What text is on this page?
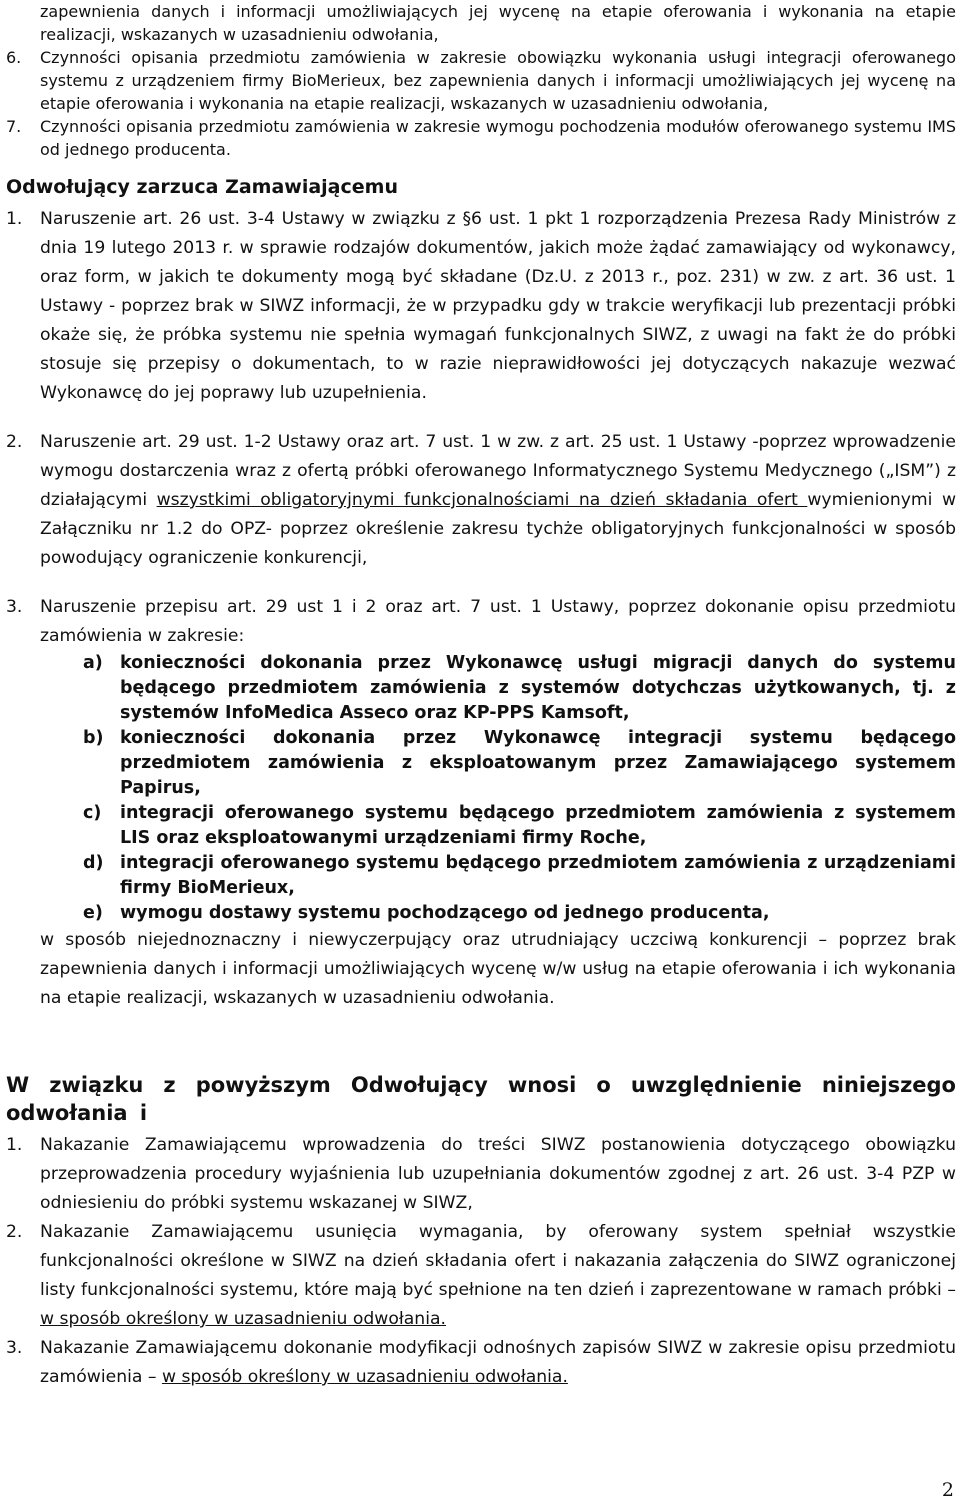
zapewnienia danych i informacji umożliwiających jej wycenę na etapie oferowania i wykonania na etapie realizacji, wskazanych w uzasadnieniu odwołania,
6.	Czynności opisania przedmiotu zamówienia w zakresie obowiązku wykonania usługi integracji oferowanego systemu z urządzeniem firmy BioMerieux, bez zapewnienia danych i informacji umożliwiających jej wycenę na etapie oferowania i wykonania na etapie realizacji, wskazanych w uzasadnieniu odwołania,
7.	Czynności opisania przedmiotu zamówienia w zakresie wymogu pochodzenia modułów oferowanego systemu IMS od jednego producenta.
Odwołujący zarzuca Zamawiającemu
1.	Naruszenie art. 26 ust. 3-4 Ustawy w związku z §6 ust. 1 pkt 1 rozporządzenia Prezesa Rady Ministrów z dnia 19 lutego 2013 r. w sprawie rodzajów dokumentów, jakich może żądać zamawiający od wykonawcy, oraz form, w jakich te dokumenty mogą być składane (Dz.U. z 2013 r., poz. 231) w zw. z art. 36 ust. 1 Ustawy - poprzez brak w SIWZ informacji, że w przypadku gdy w trakcie weryfikacji lub prezentacji próbki okaże się, że próbka systemu nie spełnia wymagań funkcjonalnych SIWZ, z uwagi na fakt że do próbki stosuje się przepisy o dokumentach, to w razie nieprawidłowości jej dotyczących nakazuje wezwać Wykonawcę do jej poprawy lub uzupełnienia.
2.	Naruszenie art. 29 ust. 1-2 Ustawy oraz art. 7 ust. 1 w zw. z art. 25 ust. 1 Ustawy -poprzez wprowadzenie wymogu dostarczenia wraz z ofertą próbki oferowanego Informatycznego Systemu Medycznego („ISM”) z działającymi wszystkimi obligatoryjnymi funkcjonalnościami na dzień składania ofert wymienionymi w Załączniku nr 1.2 do OPZ- poprzez określenie zakresu tychże obligatoryjnych funkcjonalności w sposób powodujący ograniczenie konkurencji,
3.	Naruszenie przepisu art. 29 ust 1 i 2 oraz art. 7 ust. 1 Ustawy, poprzez dokonanie opisu przedmiotu zamówienia w zakresie:
a) konieczności dokonania przez Wykonawcę usługi migracji danych do systemu będącego przedmiotem zamówienia z systemów dotychczas użytkowanych, tj. z systemów InfoMedica Asseco oraz KP-PPS Kamsoft,
b) konieczności dokonania przez Wykonawcę integracji systemu będącego przedmiotem zamówienia z eksploatowanym przez Zamawiającego systemem Papirus,
c)	integracji oferowanego systemu będącego przedmiotem zamówienia z systemem LIS oraz eksploatowanymi urządzeniami firmy Roche,
d) integracji oferowanego systemu będącego przedmiotem zamówienia z urządzeniami firmy BioMerieux,
e) wymogu dostawy systemu pochodzącego od jednego producenta,
w sposób niejednoznaczny i niewyczerpujący oraz utrudniający uczciwą konkurencji – poprzez brak zapewnienia danych i informacji umożliwiających wycenę w/w usług na etapie oferowania i ich wykonania na etapie realizacji, wskazanych w uzasadnieniu odwołania.
W związku z powyższym Odwołujący wnosi o uwzględnienie niniejszego odwołania i
1.	Nakazanie Zamawiającemu wprowadzenia do treści SIWZ postanowienia dotyczącego obowiązku przeprowadzenia procedury wyjaśnienia lub uzupełniania dokumentów zgodnej z art. 26 ust. 3-4 PZP w odniesieniu do próbki systemu wskazanej w SIWZ,
2.	Nakazanie Zamawiającemu usunięcia wymagania, by oferowany system spełniał wszystkie funkcjonalności określone w SIWZ na dzień składania ofert i nakazania załączenia do SIWZ ograniczonej listy funkcjonalności systemu, które mają być spełnione na ten dzień i zaprezentowane w ramach próbki – w sposób określony w uzasadnieniu odwołania.
3.	Nakazanie Zamawiającemu dokonanie modyfikacji odnośnych zapisów SIWZ w zakresie opisu przedmiotu zamówienia – w sposób określony w uzasadnieniu odwołania.
2
